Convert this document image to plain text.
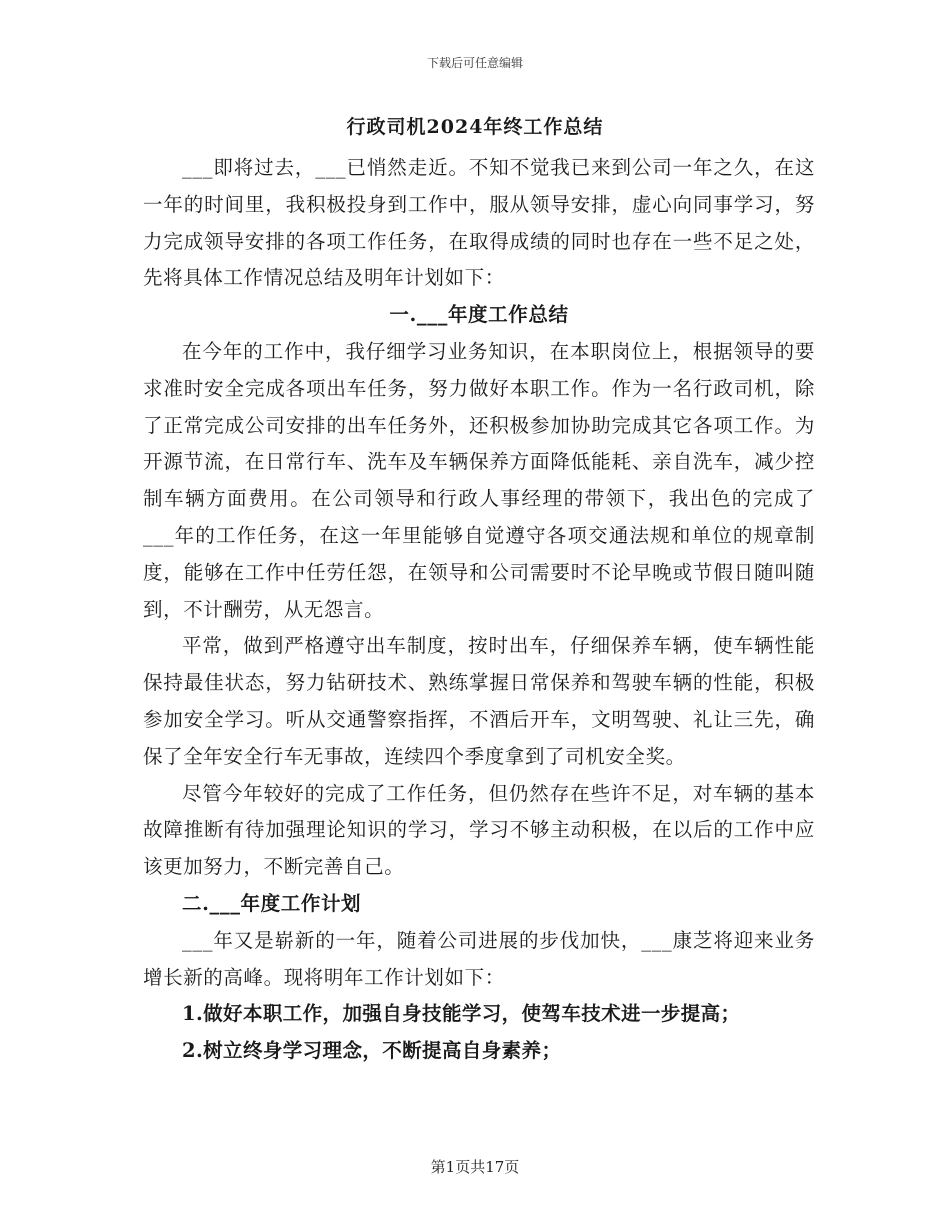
下载后可任意编辑
行政司机2024年终工作总结

___即将过去，___已悄然走近。不知不觉我已来到公司一年之久，在这一年的时间里，我积极投身到工作中，服从领导安排，虚心向同事学习，努力完成领导安排的各项工作任务，在取得成绩的同时也存在一些不足之处，先将具体工作情况总结及明年计划如下：

一.___年度工作总结

在今年的工作中，我仔细学习业务知识，在本职岗位上，根据领导的要求准时安全完成各项出车任务，努力做好本职工作。作为一名行政司机，除了正常完成公司安排的出车任务外，还积极参加协助完成其它各项工作。为开源节流，在日常行车、洗车及车辆保养方面降低能耗、亲自洗车，减少控制车辆方面费用。在公司领导和行政人事经理的带领下，我出色的完成了___年的工作任务，在这一年里能够自觉遵守各项交通法规和单位的规章制度，能够在工作中任劳任怨，在领导和公司需要时不论早晚或节假日随叫随到，不计酬劳，从无怨言。

平常，做到严格遵守出车制度，按时出车，仔细保养车辆，使车辆性能保持最佳状态，努力钻研技术、熟练掌握日常保养和驾驶车辆的性能，积极参加安全学习。听从交通警察指挥，不酒后开车，文明驾驶、礼让三先，确保了全年安全行车无事故，连续四个季度拿到了司机安全奖。

尽管今年较好的完成了工作任务，但仍然存在些许不足，对车辆的基本故障推断有待加强理论知识的学习，学习不够主动积极，在以后的工作中应该更加努力，不断完善自己。

二.___年度工作计划

___年又是崭新的一年，随着公司进展的步伐加快，___康芝将迎来业务增长新的高峰。现将明年工作计划如下：

1.做好本职工作，加强自身技能学习，使驾车技术进一步提高；

2.树立终身学习理念，不断提高自身素养；

第1页共17页
